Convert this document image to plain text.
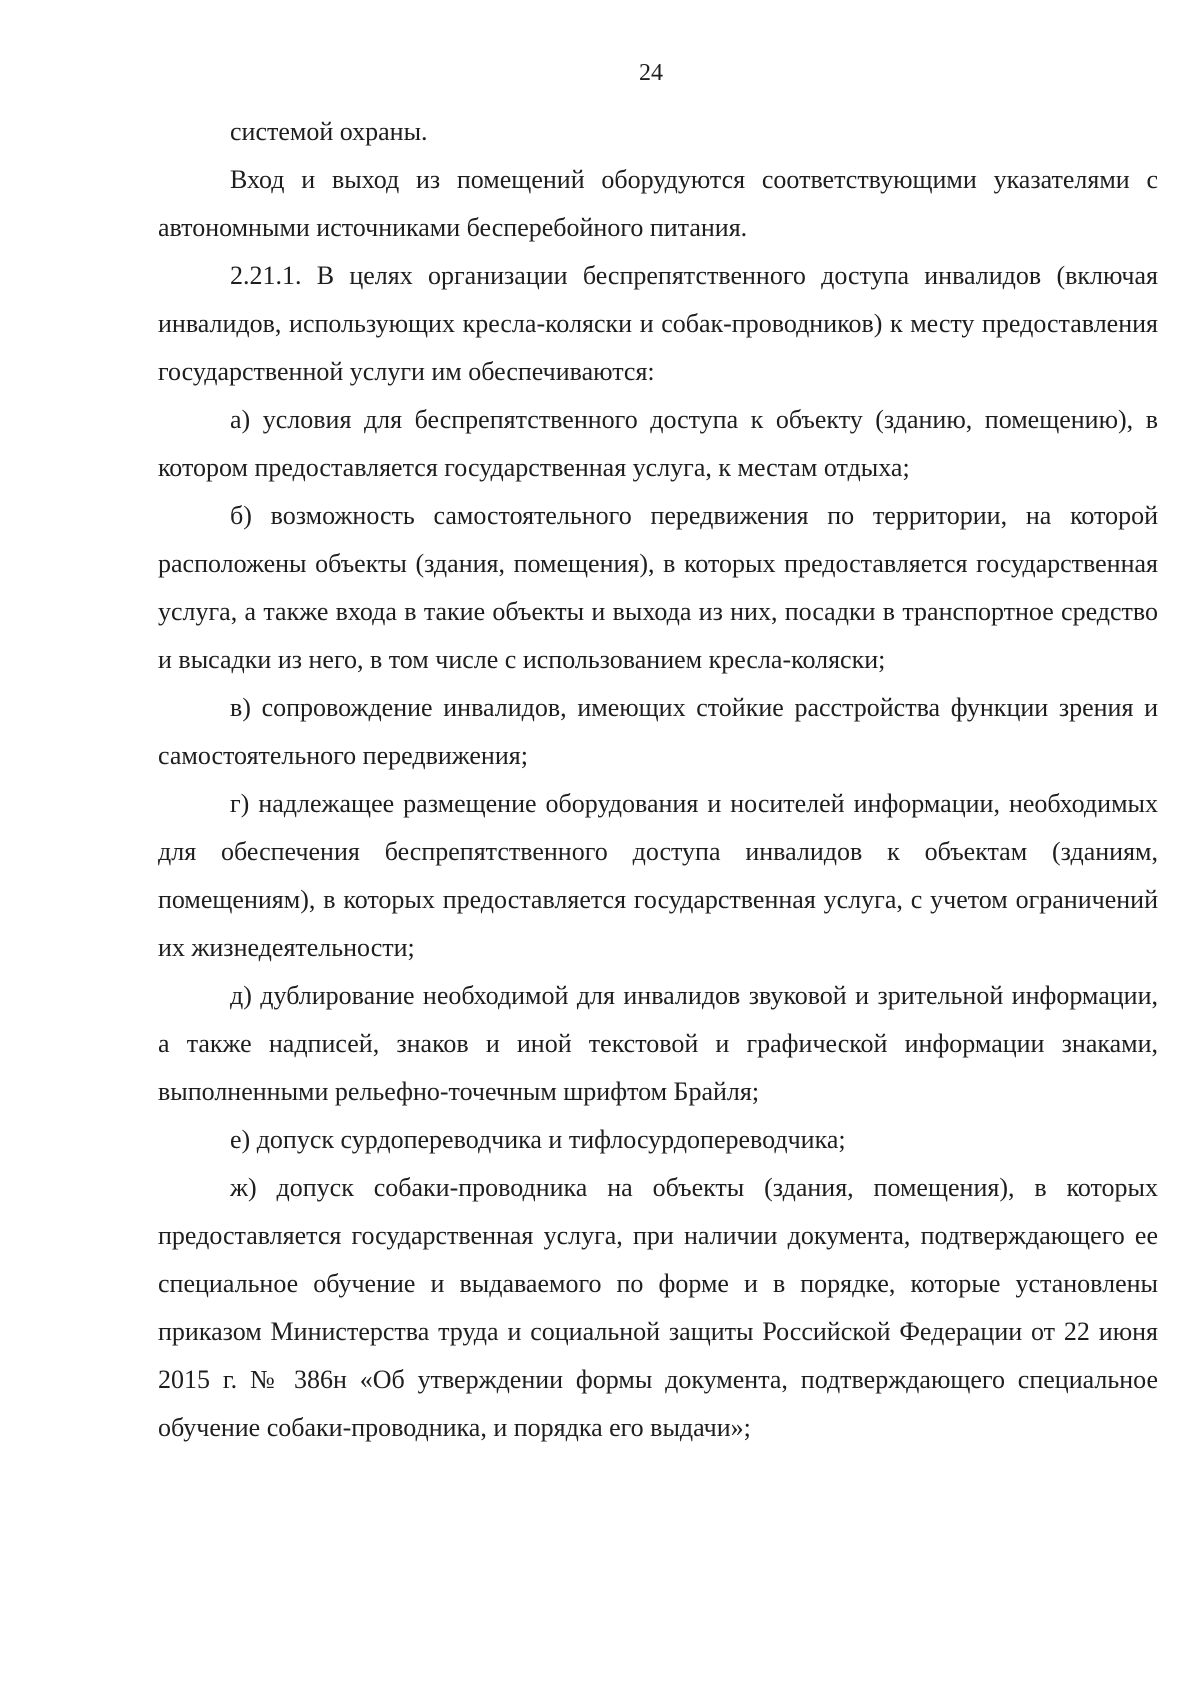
24

системой охраны.

Вход и выход из помещений оборудуются соответствующими указателями с автономными источниками бесперебойного питания.

2.21.1. В целях организации беспрепятственного доступа инвалидов (включая инвалидов, использующих кресла-коляски и собак-проводников) к месту предоставления государственной услуги им обеспечиваются:

а) условия для беспрепятственного доступа к объекту (зданию, помещению), в котором предоставляется государственная услуга, к местам отдыха;

б) возможность самостоятельного передвижения по территории, на которой расположены объекты (здания, помещения), в которых предоставляется государственная услуга, а также входа в такие объекты и выхода из них, посадки в транспортное средство и высадки из него, в том числе с использованием кресла-коляски;

в) сопровождение инвалидов, имеющих стойкие расстройства функции зрения и самостоятельного передвижения;

г) надлежащее размещение оборудования и носителей информации, необходимых для обеспечения беспрепятственного доступа инвалидов к объектам (зданиям, помещениям), в которых предоставляется государственная услуга, с учетом ограничений их жизнедеятельности;

д) дублирование необходимой для инвалидов звуковой и зрительной информации, а также надписей, знаков и иной текстовой и графической информации знаками, выполненными рельефно-точечным шрифтом Брайля;

е) допуск сурдопереводчика и тифлосурдопереводчика;

ж) допуск собаки-проводника на объекты (здания, помещения), в которых предоставляется государственная услуга, при наличии документа, подтверждающего ее специальное обучение и выдаваемого по форме и в порядке, которые установлены приказом Министерства труда и социальной защиты Российской Федерации от 22 июня 2015 г. № 386н «Об утверждении формы документа, подтверждающего специальное обучение собаки-проводника, и порядка его выдачи»;
